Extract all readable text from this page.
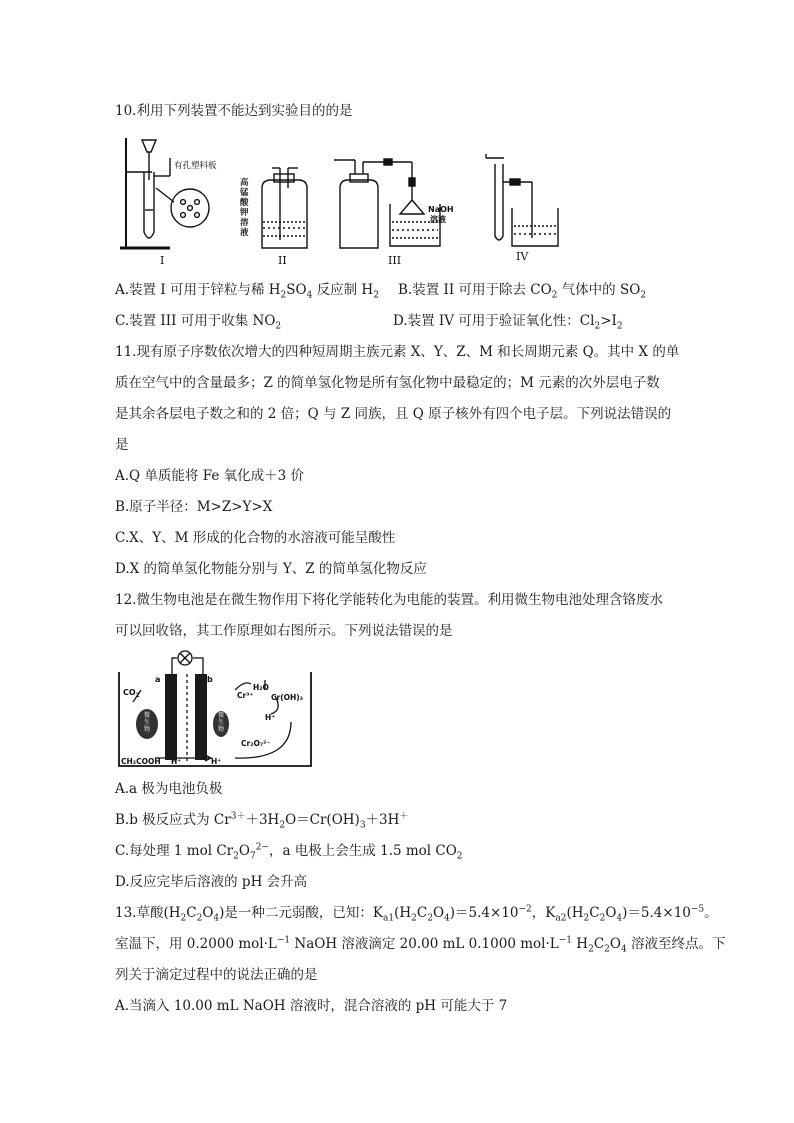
10.利用下列装置不能达到实验目的的是
有孔塑料板
I	II	III	IV
NaOH
溶液
高锰酸钾溶液
A.装置 I 可用于锌粒与稀 $H_2SO_4$ 反应制 $H_2$ B.装置 II 可用于除去 $CO_2$ 气体中的 $SO_2$
C.装置 III 可用于收集 $NO_2$	D.装置 IV 可用于验证氧化性：$Cl_2>I_2$
11.现有原子序数依次增大的四种短周期主族元素 X、Y、Z、M 和长周期元素 Q。其中 X 的单
质在空气中的含量最多；Z 的简单氢化物是所有氢化物中最稳定的；M 元素的次外层电子数
是其余各层电子数之和的 2 倍；Q 与 Z 同族，且 Q 原子核外有四个电子层。下列说法错误的
是
A.Q 单质能将 Fe 氧化成＋3 价
B.原子半径：M>Z>Y>X
C.X、Y、M 形成的化合物的水溶液可能呈酸性
D.X 的简单氢化物能分别与 Y、Z 的简单氢化物反应
12.微生物电池是在微生物作用下将化学能转化为电能的装置。利用微生物电池处理含铬废水
可以回收铬，其工作原理如右图所示。下列说法错误的是
a	b
$CO_2$
CH₃COOH H⁺	H⁺
Cr³⁺
H₂O
Cr(OH)₃
H⁺
Cr₂O₇²⁻
微生物
微生物
A.a 极为电池负极
B.b 极反应式为 $Cr^{3+}+3H_2O=Cr(OH)_3+3H^+$
C.每处理 1 mol $Cr_2O_7^{2-}$，a 电极上会生成 1.5 mol $CO_2$
D.反应完毕后溶液的 pH 会升高
13.草酸$(H_2C_2O_4)$是一种二元弱酸，已知：$K_{a1}(H_2C_2O_4)=5.4\times 10^{-2}$，$K_{a2}(H_2C_2O_4)=5.4\times 10^{-5}$。
室温下，用 0.2000 $mol\cdot L^{-1}$ NaOH 溶液滴定 20.00 mL 0.1000 $mol\cdot L^{-1}$ $H_2C_2O_4$ 溶液至终点。下
列关于滴定过程中的说法正确的是
A.当滴入 10.00 mL NaOH 溶液时，混合溶液的 pH 可能大于 7
